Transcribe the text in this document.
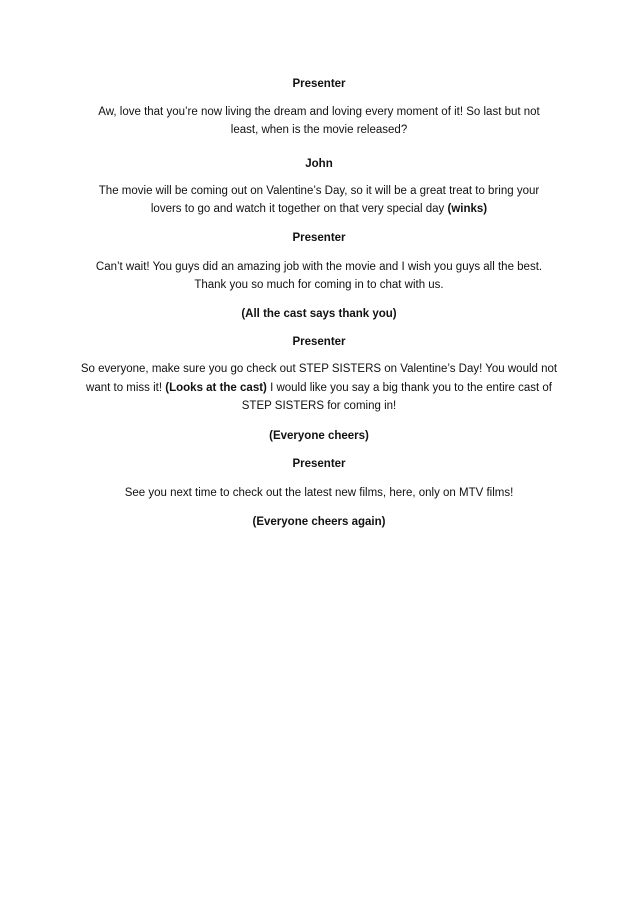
Presenter

Aw, love that you’re now living the dream and loving every moment of it! So last but not

least, when is the movie released?

John

The movie will be coming out on Valentine’s Day, so it will be a great treat to bring your

lovers to go and watch it together on that very special day (winks)

Presenter

Can’t wait! You guys did an amazing job with the movie and I wish you guys all the best.

Thank you so much for coming in to chat with us.

(All the cast says thank you)

Presenter

So everyone, make sure you go check out STEP SISTERS on Valentine’s Day! You would not

want to miss it! (Looks at the cast) I would like you say a big thank you to the entire cast of

STEP SISTERS for coming in!

(Everyone cheers)

Presenter

See you next time to check out the latest new films, here, only on MTV films!

(Everyone cheers again)
